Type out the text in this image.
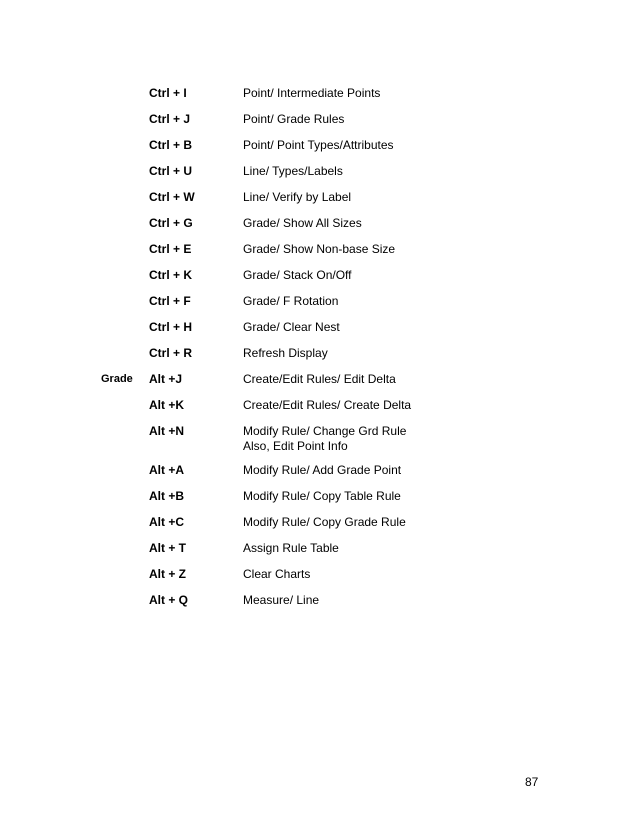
Ctrl + I	Point/ Intermediate Points
Ctrl + J	Point/ Grade Rules
Ctrl + B	Point/ Point Types/Attributes
Ctrl + U	Line/ Types/Labels
Ctrl + W	Line/ Verify by Label
Ctrl + G	Grade/ Show All Sizes
Ctrl + E	Grade/ Show Non-base Size
Ctrl + K	Grade/ Stack On/Off
Ctrl + F	Grade/ F Rotation
Ctrl + H	Grade/ Clear Nest
Ctrl + R	Refresh Display
Grade Alt +J	Create/Edit Rules/ Edit Delta
Alt +K	Create/Edit Rules/ Create Delta
Alt +N	Modify Rule/ Change Grd Rule
Also, Edit Point Info
Alt +A	Modify Rule/ Add Grade Point
Alt +B	Modify Rule/ Copy Table Rule
Alt +C	Modify Rule/ Copy Grade Rule
Alt + T	Assign Rule Table
Alt + Z	Clear Charts
Alt + Q	Measure/ Line
87
